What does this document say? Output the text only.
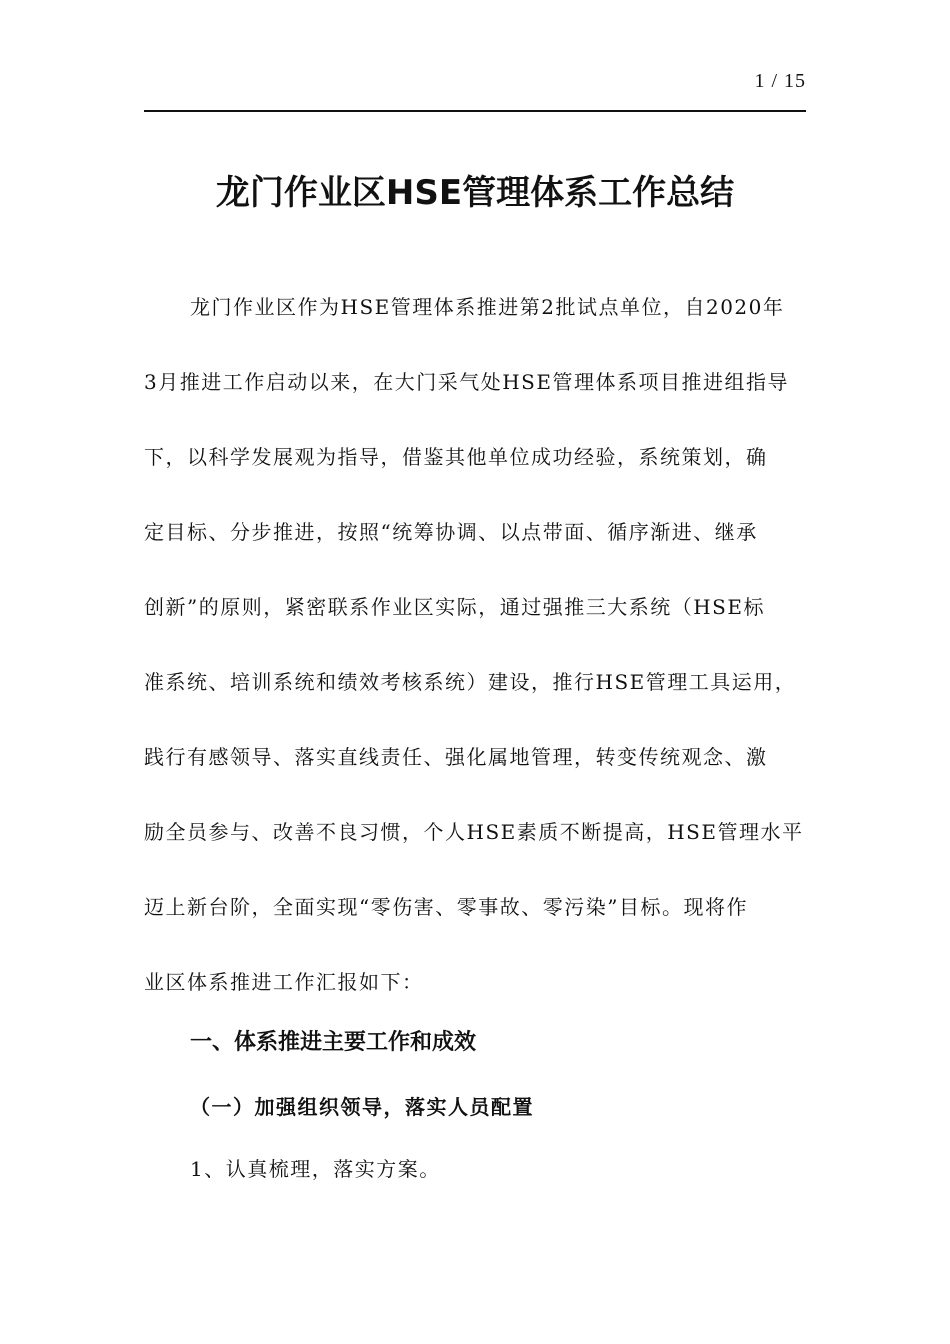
1 / 15
龙门作业区HSE管理体系工作总结
龙门作业区作为HSE管理体系推进第2批试点单位，自2020年
3月推进工作启动以来，在大门采气处HSE管理体系项目推进组指导
下，以科学发展观为指导，借鉴其他单位成功经验，系统策划，确
定目标、分步推进，按照“统筹协调、以点带面、循序渐进、继承
创新”的原则，紧密联系作业区实际，通过强推三大系统（HSE标
准系统、培训系统和绩效考核系统）建设，推行HSE管理工具运用，
践行有感领导、落实直线责任、强化属地管理，转变传统观念、激
励全员参与、改善不良习惯，个人HSE素质不断提高，HSE管理水平
迈上新台阶，全面实现“零伤害、零事故、零污染”目标。现将作
业区体系推进工作汇报如下：
一、体系推进主要工作和成效
（一）加强组织领导，落实人员配置
1、认真梳理，落实方案。
